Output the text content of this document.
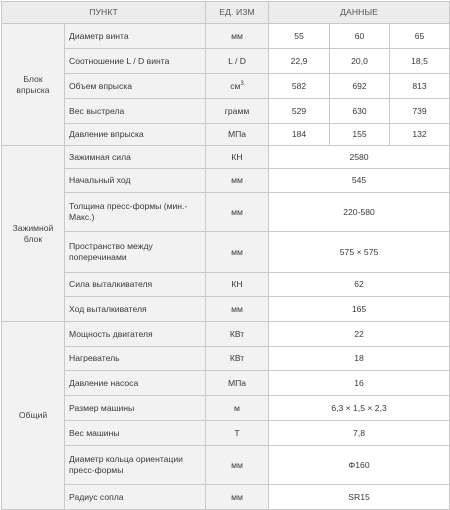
ПУНКТ		ЕД. ИЗМ	ДАННЫЕ		
Блок впрыска	Диаметр винта	мм	55	60	65
	Соотношение L / D винта	L / D	22,9	20,0	18,5
	Объем впрыска	$см^3$	582	692	813
	Вес выстрела	грамм	529	630	739
	Давление впрыска	МПа	184	155	132
Зажимной блок	Зажимная сила	КН	2580		
	Начальный ход	мм	545		
	Толщина пресс-формы (мин.-Макс.)	мм	220-580		
	Пространство между поперечинами	мм	575 × 575		
	Сила выталкивателя	КН	62		
	Ход выталкивателя	мм	165		
Общий	Мощность двигателя	КВт	22		
	Нагреватель	КВт	18		
	Давление насоса	МПа	16		
	Размер машины	м	6,3 × 1,5 × 2,3		
	Вес машины	Т	7,8		
	Диаметр кольца ориентации пресс-формы	мм	Φ160		
	Радиус сопла	мм	SR15		
